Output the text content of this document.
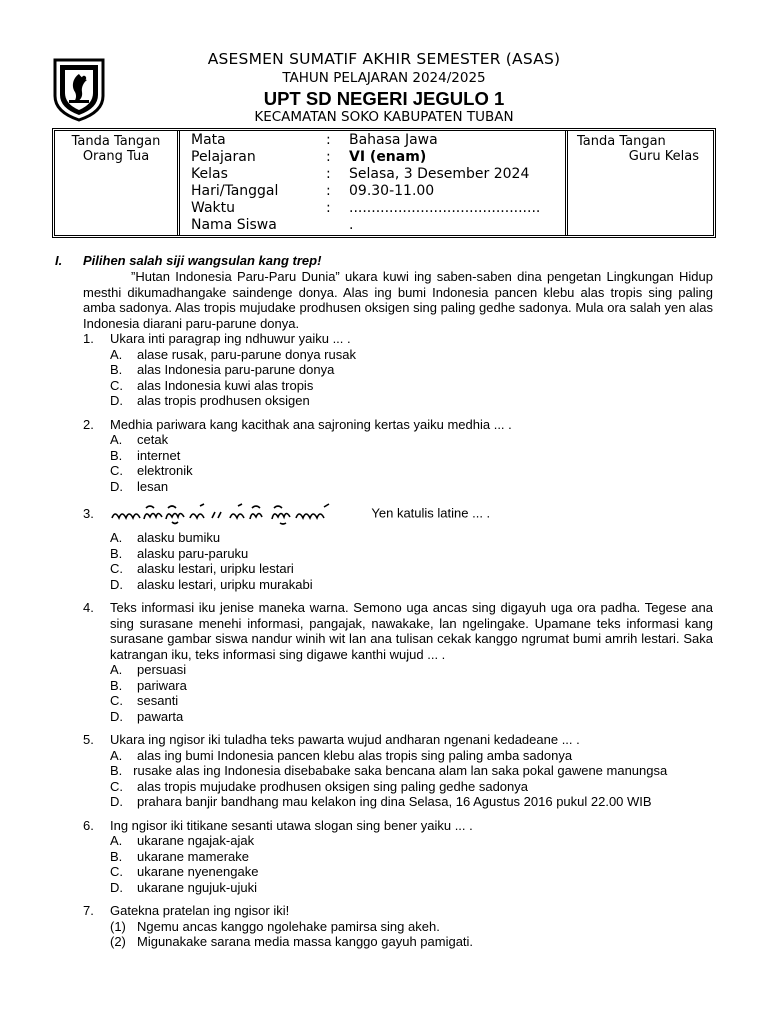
ASESMEN SUMATIF AKHIR SEMESTER (ASAS)
TAHUN PELAJARAN 2024/2025
UPT SD NEGERI JEGULO 1
KECAMATAN SOKO KABUPATEN TUBAN
Tanda Tangan
Orang Tua
Mata	: Bahasa Jawa
Pelajaran	: VI (enam)
Kelas	: Selasa, 3 Desember 2024
Hari/Tanggal	: 09.30-11.00
Waktu	: ...........................................
Nama Siswa	.
Tanda Tangan
Guru Kelas
I. Pilihen salah siji wangsulan kang trep!
”Hutan Indonesia Paru-Paru Dunia” ukara kuwi ing saben-saben dina pengetan Lingkungan Hidup mesthi dikumadhangake saindenge donya. Alas ing bumi Indonesia pancen klebu alas tropis sing paling amba sadonya. Alas tropis mujudake prodhusen oksigen sing paling gedhe sadonya. Mula ora salah yen alas Indonesia diarani paru-parune donya.
1. Ukara inti paragrap ing ndhuwur yaiku ... .
A. alase rusak, paru-parune donya rusak
B. alas Indonesia paru-parune donya
C. alas Indonesia kuwi alas tropis
D. alas tropis prodhusen oksigen
2. Medhia pariwara kang kacithak ana sajroning kertas yaiku medhia ... .
A. cetak
B. internet
C. elektronik
D. lesan
3.	Yen katulis latine ... .
A. alasku bumiku
B. alasku paru-paruku
C. alasku lestari, uripku lestari
D. alasku lestari, uripku murakabi
4. Teks informasi iku jenise maneka warna. Semono uga ancas sing digayuh uga ora padha. Tegese ana sing surasane menehi informasi, pangajak, nawakake, lan ngelingake. Upamane teks informasi kang surasane gambar siswa nandur winih wit lan ana tulisan cekak kanggo ngrumat bumi amrih lestari. Saka katrangan iku, teks informasi sing digawe kanthi wujud ... .
A. persuasi
B. pariwara
C. sesanti
D. pawarta
5. Ukara ing ngisor iki tuladha teks pawarta wujud andharan ngenani kedadeane ... .
A. alas ing bumi Indonesia pancen klebu alas tropis sing paling amba sadonya
B. rusake alas ing Indonesia disebabake saka bencana alam lan saka pokal gawene manungsa
C. alas tropis mujudake prodhusen oksigen sing paling gedhe sadonya
D. prahara banjir bandhang mau kelakon ing dina Selasa, 16 Agustus 2016 pukul 22.00 WIB
6. Ing ngisor iki titikane sesanti utawa slogan sing bener yaiku ... .
A. ukarane ngajak-ajak
B. ukarane mamerake
C. ukarane nyenengake
D. ukarane ngujuk-ujuki
7. Gatekna pratelan ing ngisor iki!
(1) Ngemu ancas kanggo ngolehake pamirsa sing akeh.
(2) Migunakake sarana media massa kanggo gayuh pamigati.
